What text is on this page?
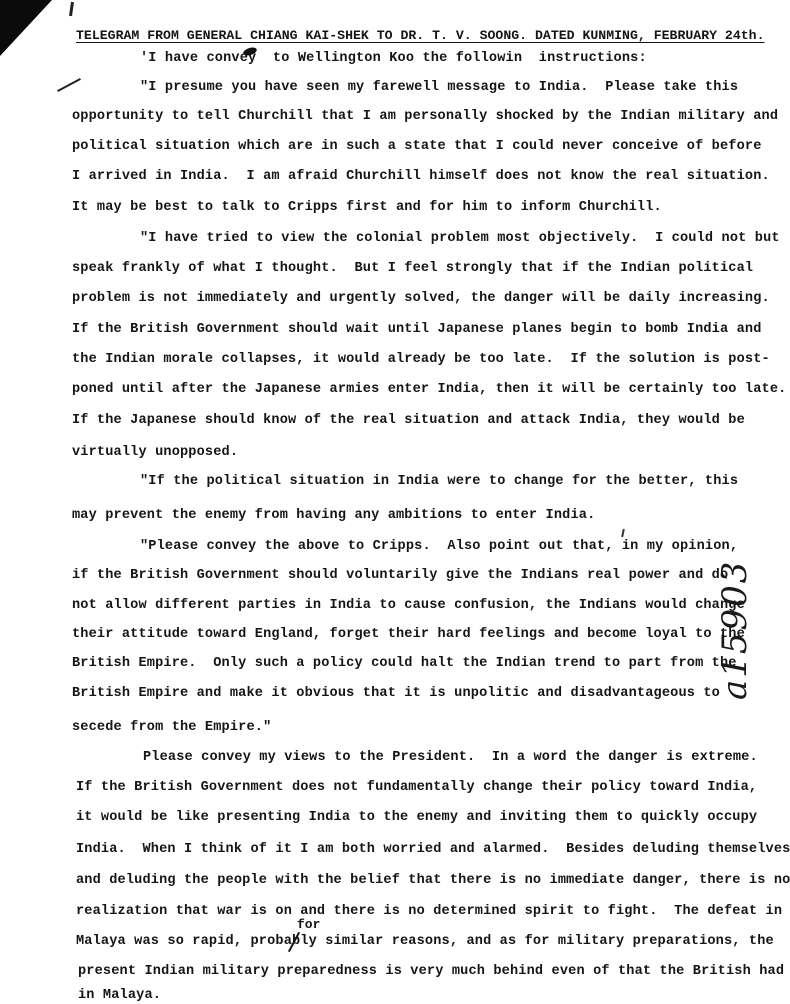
TELEGRAM FROM GENERAL CHIANG KAI-SHEK TO DR. T. V. SOONG. DATED KUNMING, FEBRUARY 24th.
'I have convey  to Wellington Koo the followin  instructions:
"I presume you have seen my farewell message to India.  Please take this
opportunity to tell Churchill that I am personally shocked by the Indian military and
political situation which are in such a state that I could never conceive of before
I arrived in India.  I am afraid Churchill himself does not know the real situation.
It may be best to talk to Cripps first and for him to inform Churchill.
"I have tried to view the colonial problem most objectively.  I could not but
speak frankly of what I thought.  But I feel strongly that if the Indian political
problem is not immediately and urgently solved, the danger will be daily increasing.
If the British Government should wait until Japanese planes begin to bomb India and
the Indian morale collapses, it would already be too late.  If the solution is post-
poned until after the Japanese armies enter India, then it will be certainly too late.
If the Japanese should know of the real situation and attack India, they would be
virtually unopposed.
"If the political situation in India were to change for the better, this
may prevent the enemy from having any ambitions to enter India.
"Please convey the above to Cripps.  Also point out that, in my opinion,
if the British Government should voluntarily give the Indians real power and do
not allow different parties in India to cause confusion, the Indians would change
their attitude toward England, forget their hard feelings and become loyal to the
British Empire.  Only such a policy could halt the Indian trend to part from the
British Empire and make it obvious that it is unpolitic and disadvantageous to
secede from the Empire."
Please convey my views to the President.  In a word the danger is extreme.
If the British Government does not fundamentally change their policy toward India,
it would be like presenting India to the enemy and inviting them to quickly occupy
India.  When I think of it I am both worried and alarmed.  Besides deluding themselves
and deluding the people with the belief that there is no immediate danger, there is no
realization that war is on and there is no determined spirit to fight.  The defeat in
for
Malaya was so rapid, probably similar reasons, and as for military preparations, the
present Indian military preparedness is very much behind even of that the British had
in Malaya.
a15903
